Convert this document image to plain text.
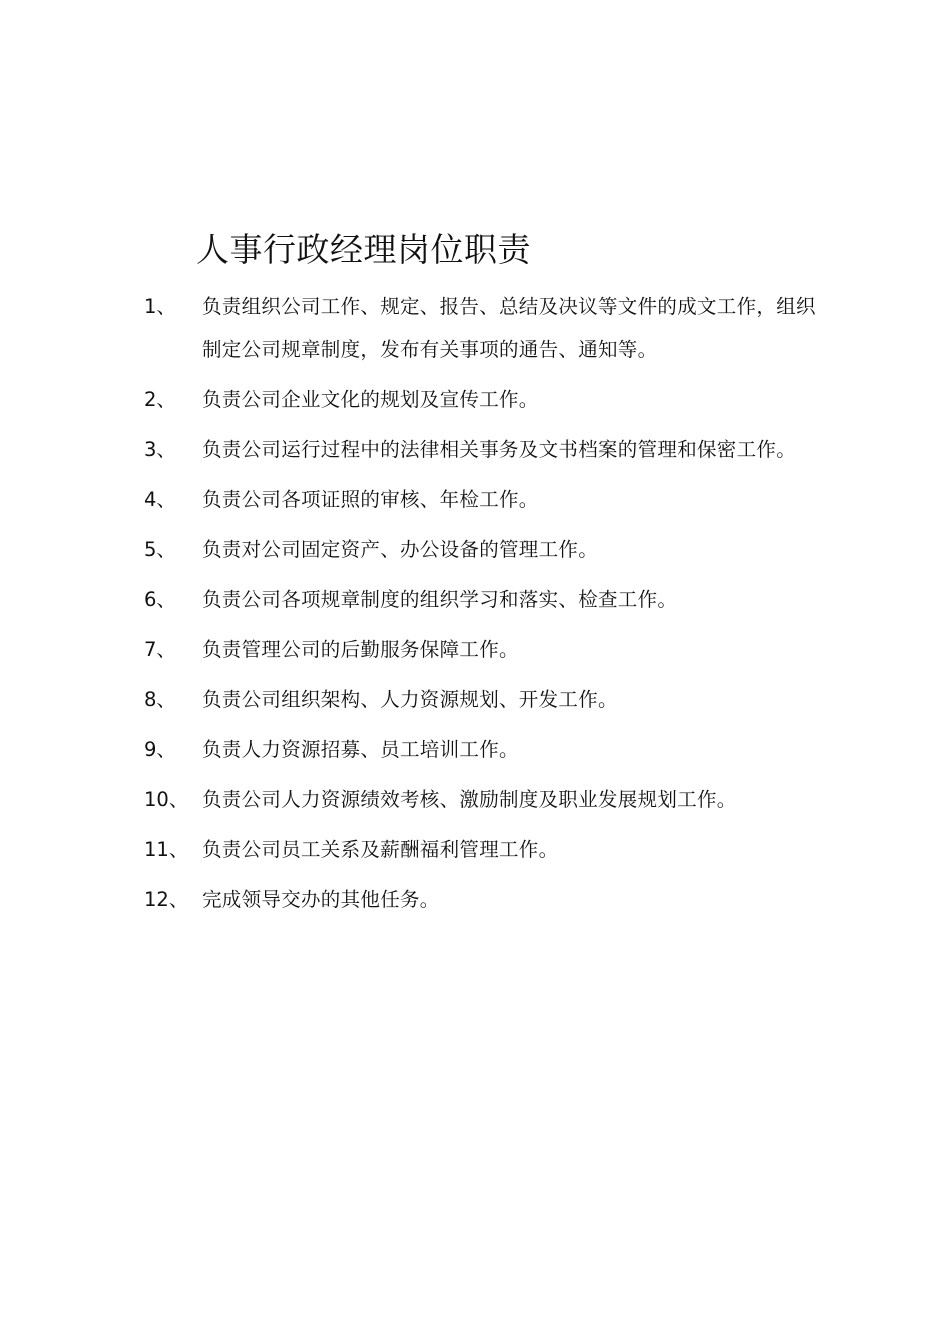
人事行政经理岗位职责
1、	负责组织公司工作、规定、报告、总结及决议等文件的成文工作，组织制定公司规章制度，发布有关事项的通告、通知等。
2、	负责公司企业文化的规划及宣传工作。
3、	负责公司运行过程中的法律相关事务及文书档案的管理和保密工作。
4、	负责公司各项证照的审核、年检工作。
5、	负责对公司固定资产、办公设备的管理工作。
6、	负责公司各项规章制度的组织学习和落实、检查工作。
7、	负责管理公司的后勤服务保障工作。
8、	负责公司组织架构、人力资源规划、开发工作。
9、	负责人力资源招募、员工培训工作。
10、 负责公司人力资源绩效考核、激励制度及职业发展规划工作。
11、 负责公司员工关系及薪酬福利管理工作。
12、 完成领导交办的其他任务。
